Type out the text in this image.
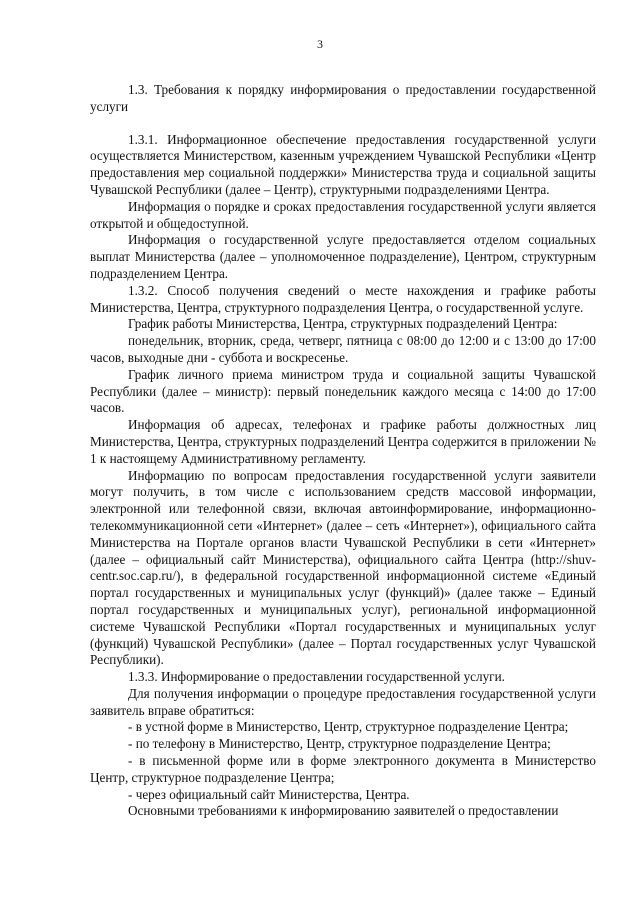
3

1.3. Требования к порядку информирования о предоставлении государственной услуги

1.3.1. Информационное обеспечение предоставления государственной услуги осуществляется Министерством, казенным учреждением Чувашской Республики «Центр предоставления мер социальной поддержки» Министерства труда и социальной защиты Чувашской Республики (далее – Центр), структурными подразделениями Центра.

Информация о порядке и сроках предоставления государственной услуги является открытой и общедоступной.

Информация о государственной услуге предоставляется отделом социальных выплат Министерства (далее – уполномоченное подразделение), Центром, структурным подразделением Центра.

1.3.2. Способ получения сведений о месте нахождения и графике работы Министерства, Центра, структурного подразделения Центра, о государственной услуге.

График работы Министерства, Центра, структурных подразделений Центра:

понедельник, вторник, среда, четверг, пятница с 08:00 до 12:00 и с 13:00 до 17:00 часов, выходные дни - суббота и воскресенье.

График личного приема министром труда и социальной защиты Чувашской Республики (далее – министр): первый понедельник каждого месяца с 14:00 до 17:00 часов.

Информация об адресах, телефонах и графике работы должностных лиц Министерства, Центра, структурных подразделений Центра содержится в приложении № 1 к настоящему Административному регламенту.

Информацию по вопросам предоставления государственной услуги заявители могут получить, в том числе с использованием средств массовой информации, электронной или телефонной связи, включая автоинформирование, информационно-телекоммуникационной сети «Интернет» (далее – сеть «Интернет»), официального сайта Министерства на Портале органов власти Чувашской Республики в сети «Интернет» (далее – официальный сайт Министерства), официального сайта Центра (http://shuv-centr.soc.cap.ru/), в федеральной государственной информационной системе «Единый портал государственных и муниципальных услуг (функций)» (далее также – Единый портал государственных и муниципальных услуг), региональной информационной системе Чувашской Республики «Портал государственных и муниципальных услуг (функций) Чувашской Республики» (далее – Портал государственных услуг Чувашской Республики).

1.3.3. Информирование о предоставлении государственной услуги.

Для получения информации о процедуре предоставления государственной услуги заявитель вправе обратиться:

- в устной форме в Министерство, Центр, структурное подразделение Центра;

- по телефону в Министерство, Центр, структурное подразделение Центра;

- в письменной форме или в форме электронного документа в Министерство Центр, структурное подразделение Центра;

- через официальный сайт Министерства, Центра.

Основными требованиями к информированию заявителей о предоставлении
